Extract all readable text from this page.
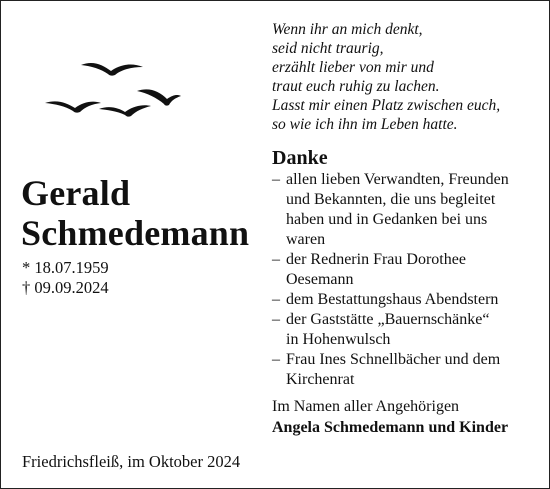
Gerald
Schmedemann
* 18.07.1959
† 09.09.2024
Friedrichsfleiß, im Oktober 2024
Wenn ihr an mich denkt,
seid nicht traurig,
erzählt lieber von mir und
traut euch ruhig zu lachen.
Lasst mir einen Platz zwischen euch,
so wie ich ihn im Leben hatte.
Danke
– allen lieben Verwandten, Freunden
und Bekannten, die uns begleitet
haben und in Gedanken bei uns
waren
– der Rednerin Frau Dorothee
Oesemann
– dem Bestattungshaus Abendstern
– der Gaststätte „Bauernschänke“
in Hohenwulsch
– Frau Ines Schnellbächer und dem
Kirchenrat
Im Namen aller Angehörigen
Angela Schmedemann und Kinder
